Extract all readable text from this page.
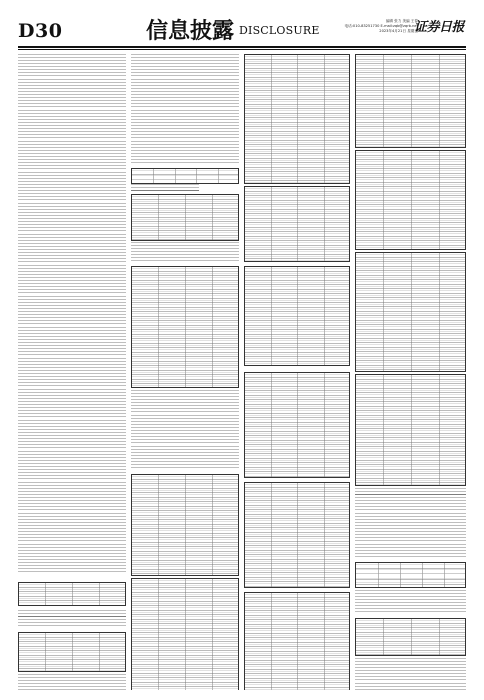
D30	信息披露 DISCLOSURE
编辑 张力 美编 王春
电话:010-83251730 E-mail:zqb@zqrb.net
2023年4月21日 星期五
证券日报
